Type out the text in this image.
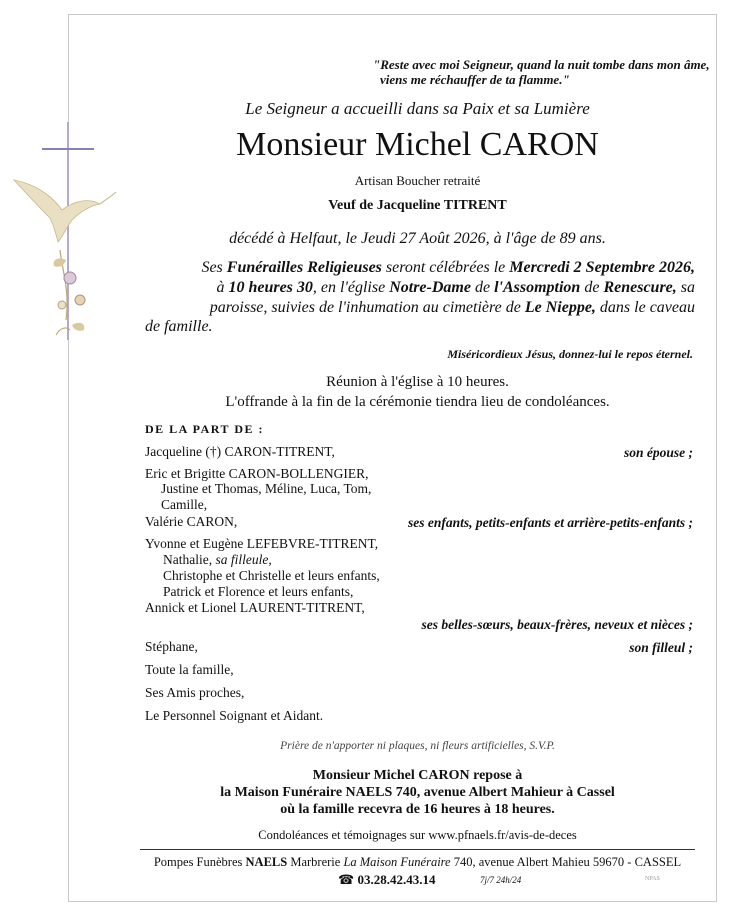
"Reste avec moi Seigneur, quand la nuit tombe dans mon âme,
viens me réchauffer de ta flamme."
Le Seigneur a accueilli dans sa Paix et sa Lumière
Monsieur Michel CARON
Artisan Boucher retraité
Veuf de Jacqueline TITRENT
décédé à Helfaut, le Jeudi 27 Août 2026, à l'âge de 89 ans.
Ses Funérailles Religieuses seront célébrées le Mercredi 2 Septembre 2026,
à 10 heures 30, en l'église Notre-Dame de l'Assomption de Renescure, sa
paroisse, suivies de l'inhumation au cimetière de Le Nieppe, dans le caveau
de famille.
Miséricordieux Jésus, donnez-lui le repos éternel.
Réunion à l'église à 10 heures.
L'offrande à la fin de la cérémonie tiendra lieu de condoléances.
DE LA PART DE :
Jacqueline (†) CARON-TITRENT,	son épouse ;
Eric et Brigitte CARON-BOLLENGIER,
Justine et Thomas, Méline, Luca, Tom,
Camille,
Valérie CARON,	ses enfants, petits-enfants et arrière-petits-enfants ;
Yvonne et Eugène LEFEBVRE-TITRENT,
Nathalie, sa filleule,
Christophe et Christelle et leurs enfants,
Patrick et Florence et leurs enfants,
Annick et Lionel LAURENT-TITRENT,
ses belles-sœurs, beaux-frères, neveux et nièces ;
Stéphane,	son filleul ;
Toute la famille,
Ses Amis proches,
Le Personnel Soignant et Aidant.
Prière de n'apporter ni plaques, ni fleurs artificielles, S.V.P.
Monsieur Michel CARON repose à
la Maison Funéraire NAELS 740, avenue Albert Mahieur à Cassel
où la famille recevra de 16 heures à 18 heures.
Condoléances et témoignages sur www.pfnaels.fr/avis-de-deces
Pompes Funèbres NAELS Marbrerie La Maison Funéraire 740, avenue Albert Mahieu 59670 - CASSEL
☎ 03.28.42.43.14	7j/7 24h/24	NPAS
